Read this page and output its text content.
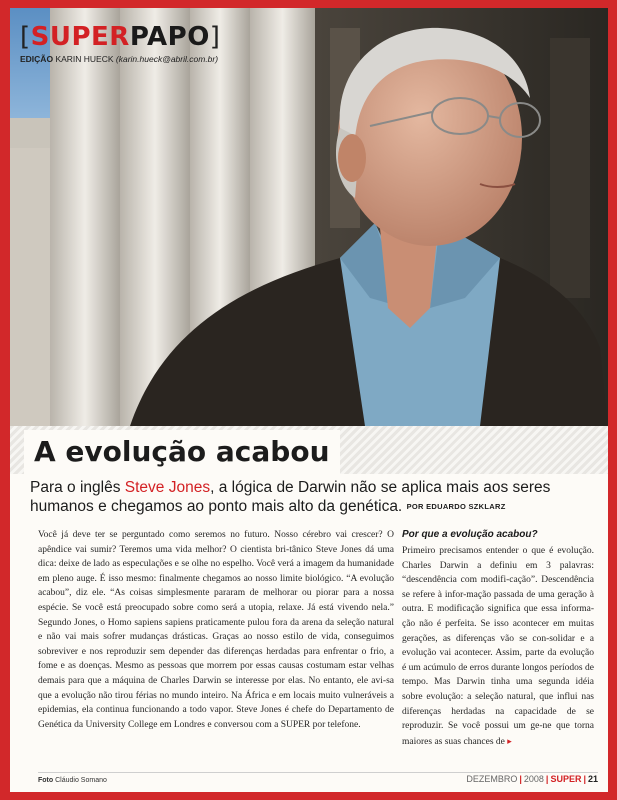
[SUPERPAPO]
EDIÇÃO KARIN HUECK (karin.hueck@abril.com.br)
A evolução acabou
Para o inglês Steve Jones, a lógica de Darwin não se aplica mais aos seres humanos e chegamos ao ponto mais alto da genética. POR EDUARDO SZKLARZ

Você já deve ter se perguntado como seremos no futuro. Nosso cérebro vai crescer? O apêndice vai sumir? Teremos uma vida melhor? O cientista bri-tânico Steve Jones dá uma dica: deixe de lado as especulações e se olhe no espelho. Você verá a imagem da humanidade em pleno auge. É isso mesmo: finalmente chegamos ao nosso limite biológico. “A evolução acabou”, diz ele. “As coisas simplesmente pararam de melhorar ou piorar para a nossa espécie. Se você está preocupado sobre como será a utopia, relaxe. Já está vivendo nela.” Segundo Jones, o Homo sapiens sapiens praticamente pulou fora da arena da seleção natural e não vai mais sofrer mudanças drásticas. Graças ao nosso estilo de vida, conseguimos sobreviver e nos reproduzir sem depender das diferenças herdadas para enfrentar o frio, a fome e as doenças. Mesmo as pessoas que morrem por essas causas costumam estar velhas demais para que a máquina de Charles Darwin se interesse por elas. No entanto, ele avi-sa que a evolução não tirou férias no mundo inteiro. Na África e em locais muito vulneráveis a epidemias, ela continua funcionando a todo vapor. Steve Jones é chefe do Departamento de Genética da University College em Londres e conversou com a SUPER por telefone.

Por que a evolução acabou?

Primeiro precisamos entender o que é evolução. Charles Darwin a definiu em 3 palavras: “descendência com modifi-cação”. Descendência se refere à infor-mação passada de uma geração à outra. E modificação significa que essa informa-ção não é perfeita. Se isso acontecer em muitas gerações, as diferenças vão se con-solidar e a evolução vai acontecer. Assim, parte da evolução é um acúmulo de erros durante longos períodos de tempo. Mas Darwin tinha uma segunda idéia sobre evolução: a seleção natural, que influi nas diferenças herdadas na capacidade de se reproduzir. Se você possui um ge-ne que torna maiores as suas chances de ▸

Foto Cláudio Somano	DEZEMBRO | 2008 | SUPER | 21
